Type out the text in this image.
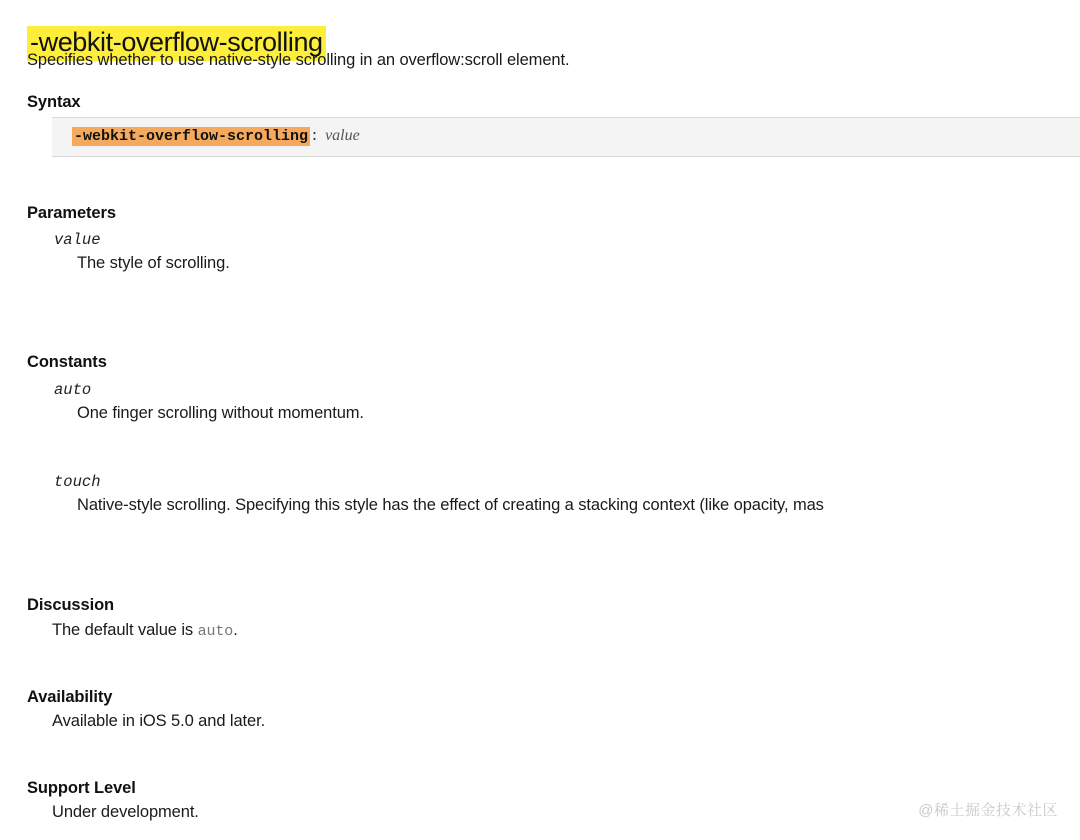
-webkit-overflow-scrolling
Specifies whether to use native-style scrolling in an overflow:scroll element.
Syntax
-webkit-overflow-scrolling : value
Parameters
value
The style of scrolling.
Constants
auto
One finger scrolling without momentum.
touch
Native-style scrolling. Specifying this style has the effect of creating a stacking context (like opacity, mas
Discussion
The default value is auto.
Availability
Available in iOS 5.0 and later.
Support Level
Under development.	@稀土掘金技术社区
